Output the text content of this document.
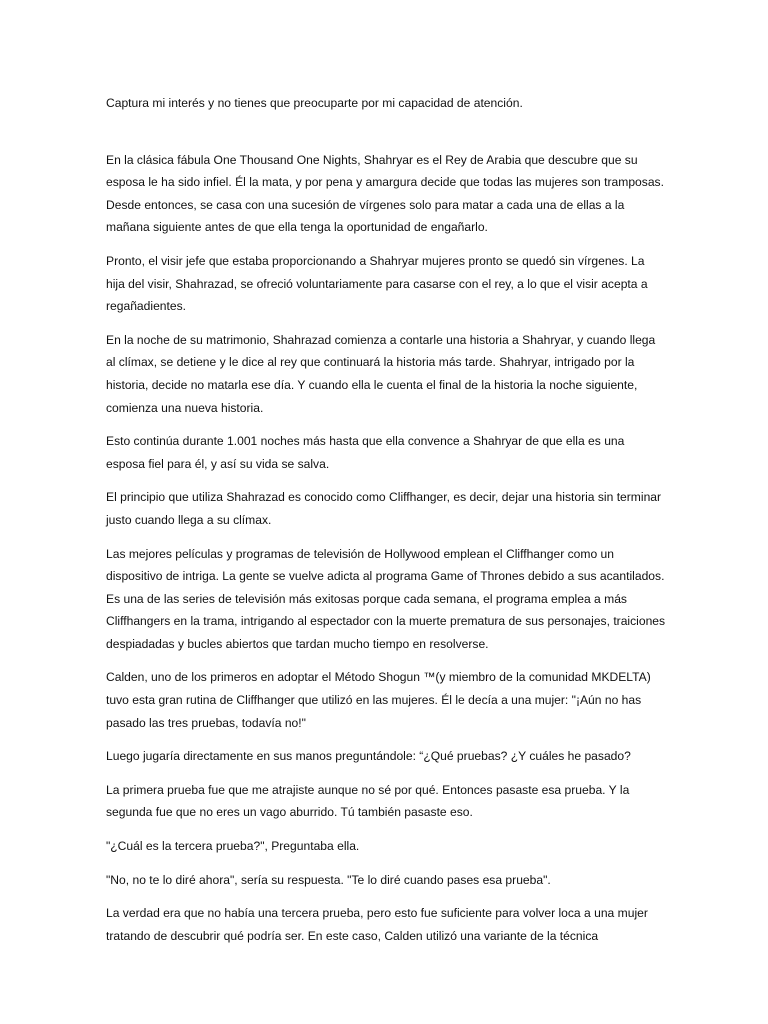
Captura mi interés y no tienes que preocuparte por mi capacidad de atención.

En la clásica fábula One Thousand One Nights, Shahryar es el Rey de Arabia que descubre que su esposa le ha sido infiel. Él la mata, y por pena y amargura decide que todas las mujeres son tramposas. Desde entonces, se casa con una sucesión de vírgenes solo para matar a cada una de ellas a la mañana siguiente antes de que ella tenga la oportunidad de engañarlo.

Pronto, el visir jefe que estaba proporcionando a Shahryar mujeres pronto se quedó sin vírgenes. La hija del visir, Shahrazad, se ofreció voluntariamente para casarse con el rey, a lo que el visir acepta a regañadientes.

En la noche de su matrimonio, Shahrazad comienza a contarle una historia a Shahryar, y cuando llega al clímax, se detiene y le dice al rey que continuará la historia más tarde. Shahryar, intrigado por la historia, decide no matarla ese día. Y cuando ella le cuenta el final de la historia la noche siguiente, comienza una nueva historia.

Esto continúa durante 1.001 noches más hasta que ella convence a Shahryar de que ella es una esposa fiel para él, y así su vida se salva.

El principio que utiliza Shahrazad es conocido como Cliffhanger, es decir, dejar una historia sin terminar justo cuando llega a su clímax.

Las mejores películas y programas de televisión de Hollywood emplean el Cliffhanger como un dispositivo de intriga. La gente se vuelve adicta al programa Game of Thrones debido a sus acantilados. Es una de las series de televisión más exitosas porque cada semana, el programa emplea a más Cliffhangers en la trama, intrigando al espectador con la muerte prematura de sus personajes, traiciones despiadadas y bucles abiertos que tardan mucho tiempo en resolverse.

Calden, uno de los primeros en adoptar el Método Shogun ™(y miembro de la comunidad MKDELTA) tuvo esta gran rutina de Cliffhanger que utilizó en las mujeres. Él le decía a una mujer: "¡Aún no has pasado las tres pruebas, todavía no!"

Luego jugaría directamente en sus manos preguntándole: “¿Qué pruebas? ¿Y cuáles he pasado?

La primera prueba fue que me atrajiste aunque no sé por qué. Entonces pasaste esa prueba. Y la segunda fue que no eres un vago aburrido. Tú también pasaste eso.

"¿Cuál es la tercera prueba?", Preguntaba ella.

"No, no te lo diré ahora", sería su respuesta. "Te lo diré cuando pases esa prueba".

La verdad era que no había una tercera prueba, pero esto fue suficiente para volver loca a una mujer tratando de descubrir qué podría ser. En este caso, Calden utilizó una variante de la técnica
